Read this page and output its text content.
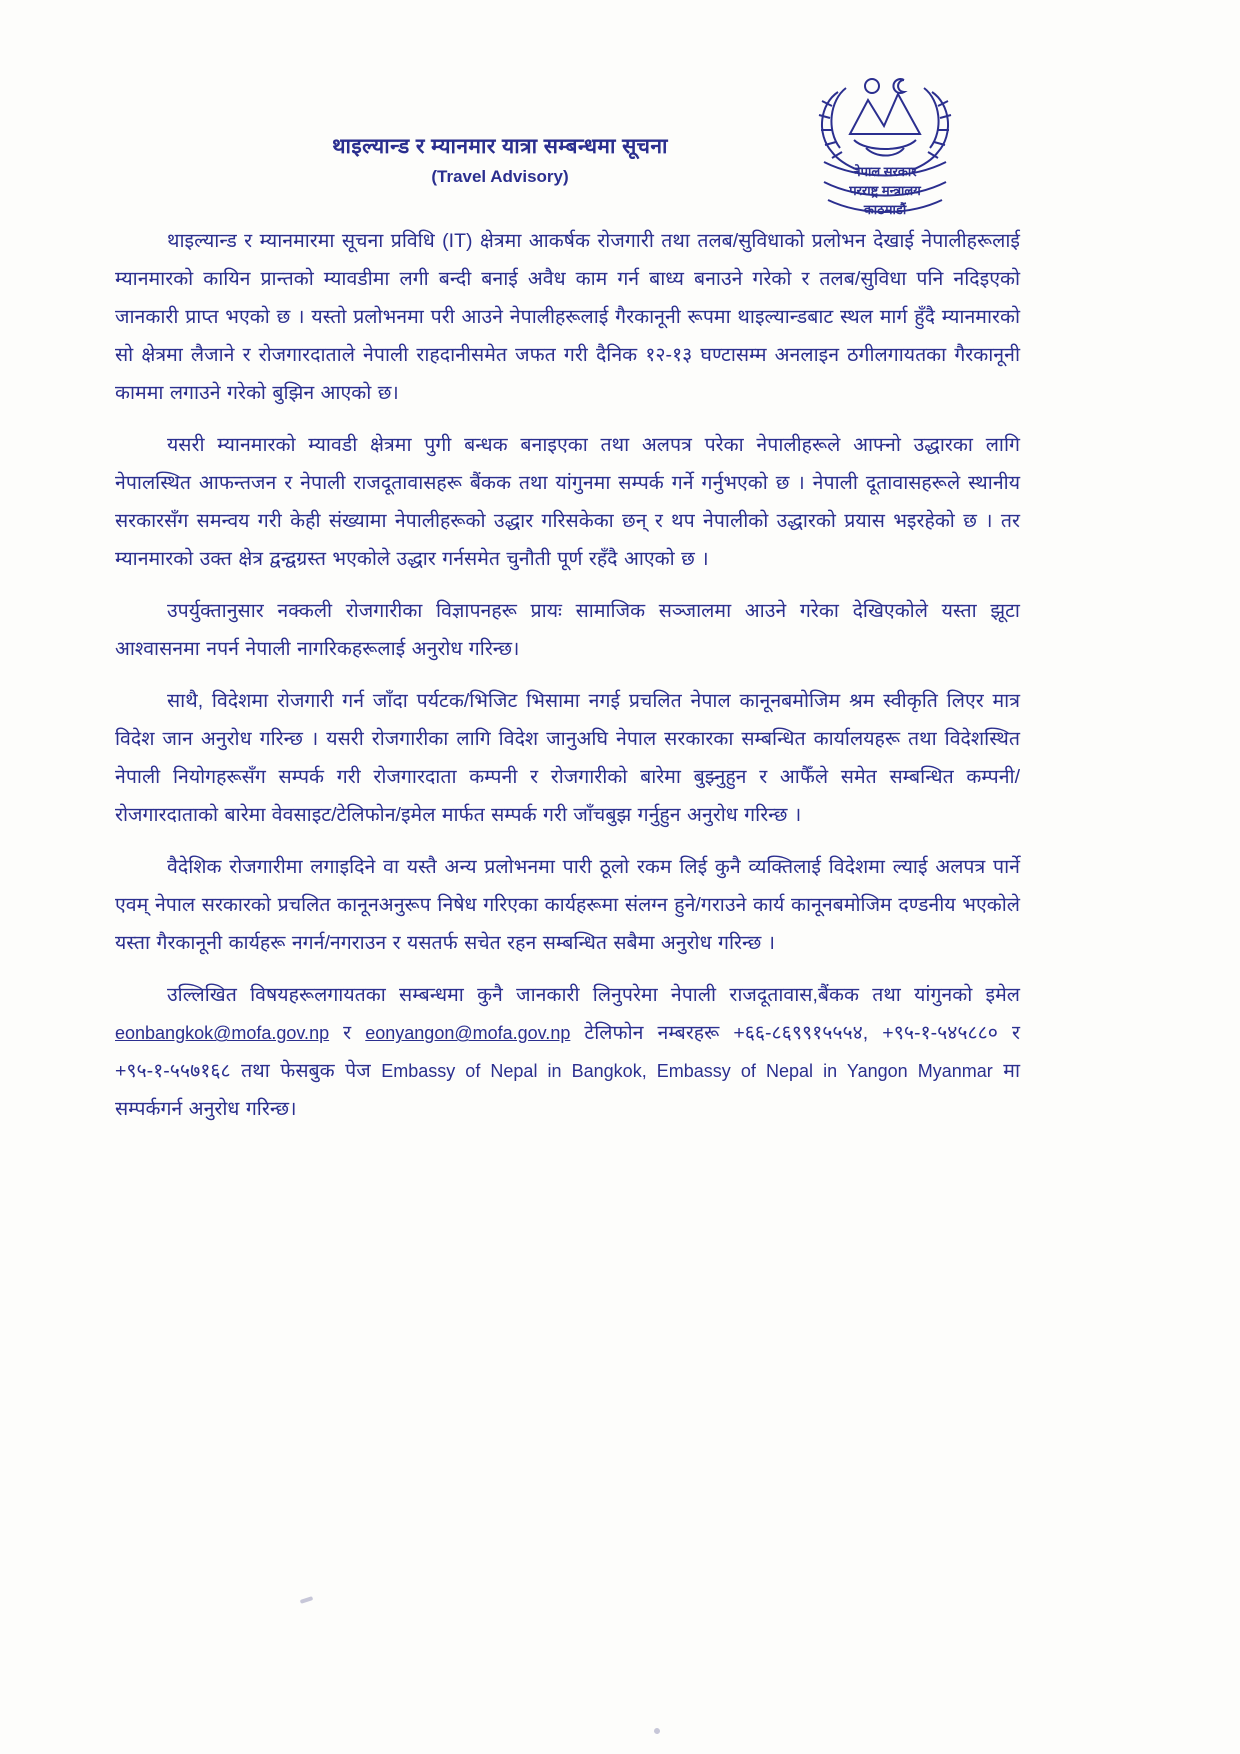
नेपाल सरकार
परराष्ट्र मन्त्रालय
काठमाडौं
थाइल्यान्ड र म्यानमार यात्रा सम्बन्धमा सूचना
(Travel Advisory)

थाइल्यान्ड र म्यानमारमा सूचना प्रविधि (IT) क्षेत्रमा आकर्षक रोजगारी तथा तलब/सुविधाको प्रलोभन देखाई नेपालीहरूलाई म्यानमारको कायिन प्रान्तको म्यावडीमा लगी बन्दी बनाई अवैध काम गर्न बाध्य बनाउने गरेको र तलब/सुविधा पनि नदिइएको जानकारी प्राप्त भएको छ । यस्तो प्रलोभनमा परी आउने नेपालीहरूलाई गैरकानूनी रूपमा थाइल्यान्डबाट स्थल मार्ग हुँदै म्यानमारको सो क्षेत्रमा लैजाने र रोजगारदाताले नेपाली राहदानीसमेत जफत गरी दैनिक १२-१३ घण्टासम्म अनलाइन ठगीलगायतका गैरकानूनी काममा लगाउने गरेको बुझिन आएको छ।

यसरी म्यानमारको म्यावडी क्षेत्रमा पुगी बन्धक बनाइएका तथा अलपत्र परेका नेपालीहरूले आफ्नो उद्धारका लागि नेपालस्थित आफन्तजन र नेपाली राजदूतावासहरू बैंकक तथा यांगुनमा सम्पर्क गर्ने गर्नुभएको छ । नेपाली दूतावासहरूले स्थानीय सरकारसँग समन्वय गरी केही संख्यामा नेपालीहरूको उद्धार गरिसकेका छन् र थप नेपालीको उद्धारको प्रयास भइरहेको छ । तर म्यानमारको उक्त क्षेत्र द्वन्द्वग्रस्त भएकोले उद्धार गर्नसमेत चुनौती पूर्ण रहँदै आएको छ ।

उपर्युक्तानुसार नक्कली रोजगारीका विज्ञापनहरू प्रायः सामाजिक सञ्जालमा आउने गरेका देखिएकोले यस्ता झूटा आश्वासनमा नपर्न नेपाली नागरिकहरूलाई अनुरोध गरिन्छ।

साथै, विदेशमा रोजगारी गर्न जाँदा पर्यटक/भिजिट भिसामा नगई प्रचलित नेपाल कानूनबमोजिम श्रम स्वीकृति लिएर मात्र विदेश जान अनुरोध गरिन्छ । यसरी रोजगारीका लागि विदेश जानुअघि नेपाल सरकारका सम्बन्धित कार्यालयहरू तथा विदेशस्थित नेपाली नियोगहरूसँग सम्पर्क गरी रोजगारदाता कम्पनी र रोजगारीको बारेमा बुझ्नुहुन र आफैँले समेत सम्बन्धित कम्पनी/रोजगारदाताको बारेमा वेवसाइट/टेलिफोन/इमेल मार्फत सम्पर्क गरी जाँचबुझ गर्नुहुन अनुरोध गरिन्छ ।

वैदेशिक रोजगारीमा लगाइदिने वा यस्तै अन्य प्रलोभनमा पारी ठूलो रकम लिई कुनै व्यक्तिलाई विदेशमा ल्याई अलपत्र पार्ने एवम् नेपाल सरकारको प्रचलित कानूनअनुरूप निषेध गरिएका कार्यहरूमा संलग्न हुने/गराउने कार्य कानूनबमोजिम दण्डनीय भएकोले यस्ता गैरकानूनी कार्यहरू नगर्न/नगराउन र यसतर्फ सचेत रहन सम्बन्धित सबैमा अनुरोध गरिन्छ ।

उल्लिखित विषयहरूलगायतका सम्बन्धमा कुनै जानकारी लिनुपरेमा नेपाली राजदूतावास,बैंकक तथा यांगुनको इमेल eonbangkok@mofa.gov.np र eonyangon@mofa.gov.np टेलिफोन नम्बरहरू +६६-८६९९१५५५४, +९५-१-५४५८८० र +९५-१-५५७१६८ तथा फेसबुक पेज Embassy of Nepal in Bangkok, Embassy of Nepal in Yangon Myanmar मा सम्पर्कगर्न अनुरोध गरिन्छ।
